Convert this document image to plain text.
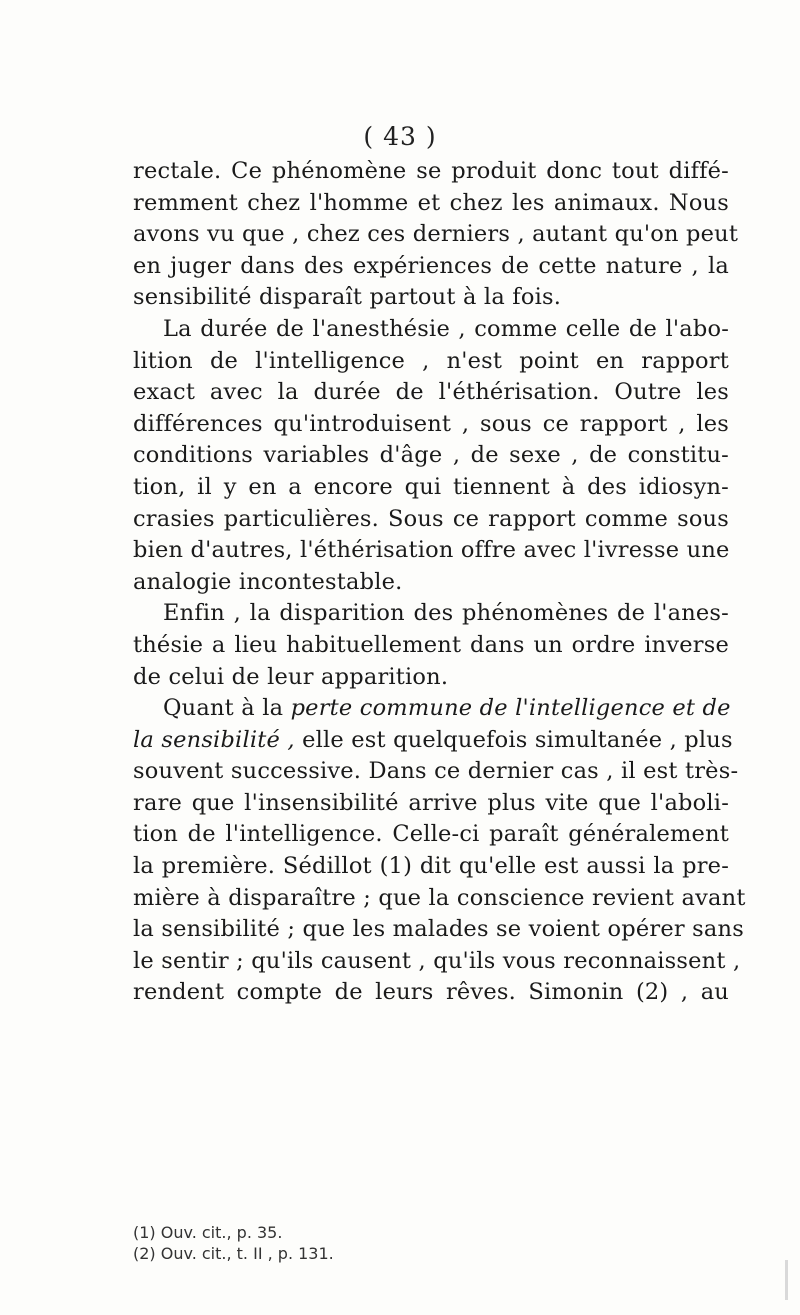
( 43 )
rectale. Ce phénomène se produit donc tout diffé-
remment chez l'homme et chez les animaux. Nous
avons vu que , chez ces derniers , autant qu'on peut
en juger dans des expériences de cette nature , la
sensibilité disparaît partout à la fois.
La durée de l'anesthésie , comme celle de l'abo-
lition de l'intelligence , n'est point en rapport
exact avec la durée de l'éthérisation. Outre les
différences qu'introduisent , sous ce rapport , les
conditions variables d'âge , de sexe , de constitu-
tion, il y en a encore qui tiennent à des idiosyn-
crasies particulières. Sous ce rapport comme sous
bien d'autres, l'éthérisation offre avec l'ivresse une
analogie incontestable.
Enfin , la disparition des phénomènes de l'anes-
thésie a lieu habituellement dans un ordre inverse
de celui de leur apparition.
Quant à la perte commune de l'intelligence et de
la sensibilité , elle est quelquefois simultanée , plus
souvent successive. Dans ce dernier cas , il est très-
rare que l'insensibilité arrive plus vite que l'aboli-
tion de l'intelligence. Celle-ci paraît généralement
la première. Sédillot (1) dit qu'elle est aussi la pre-
mière à disparaître ; que la conscience revient avant
la sensibilité ; que les malades se voient opérer sans
le sentir ; qu'ils causent , qu'ils vous reconnaissent ,
rendent compte de leurs rêves. Simonin (2) , au
(1) Ouv. cit., p. 35.
(2) Ouv. cit., t. II , p. 131.
